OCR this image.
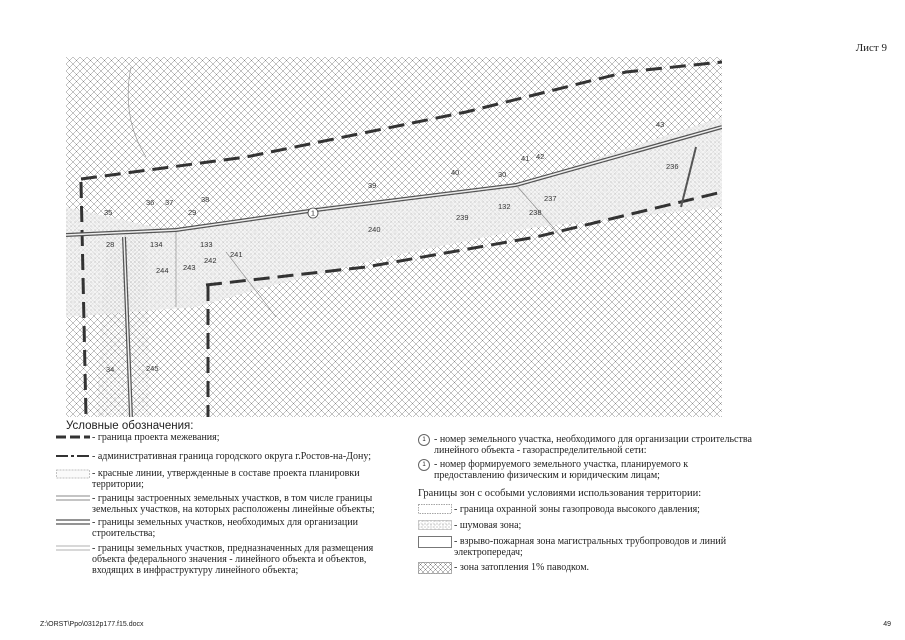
Лист 9
1
43
42
41
40	30
39
236
237
238
132
239
240
35
36 37
29
38
28	134	133
242
241
243
244
34	245
Условные обозначения:
- граница проекта межевания;
- административная граница городского округа г.Ростов-на-Дону;
- красные линии, утвержденные в составе проекта планировки территории;
- границы застроенных земельных участков, в том числе границы земельных участков, на которых расположены линейные объекты;
- границы земельных участков, необходимых для организации строительства;
- границы земельных участков, предназначенных для размещения объекта федерального значения - линейного объекта и объектов, входящих в инфраструктуру линейного объекта;
1 - номер земельного участка, необходимого для организации строительства линейного объекта - газораспределительной сети:
1 - номер формируемого земельного участка, планируемого к предоставлению физическим и юридическим лицам;
Границы зон с особыми условиями использования территории:
- граница охранной зоны газопровода высокого давления;
- шумовая зона;
- взрыво-пожарная зона магистральных трубопроводов и линий электропередач;
- зона затопления 1% паводком.
Z:\ORST\Ppo\0312p177.f15.docx	49
